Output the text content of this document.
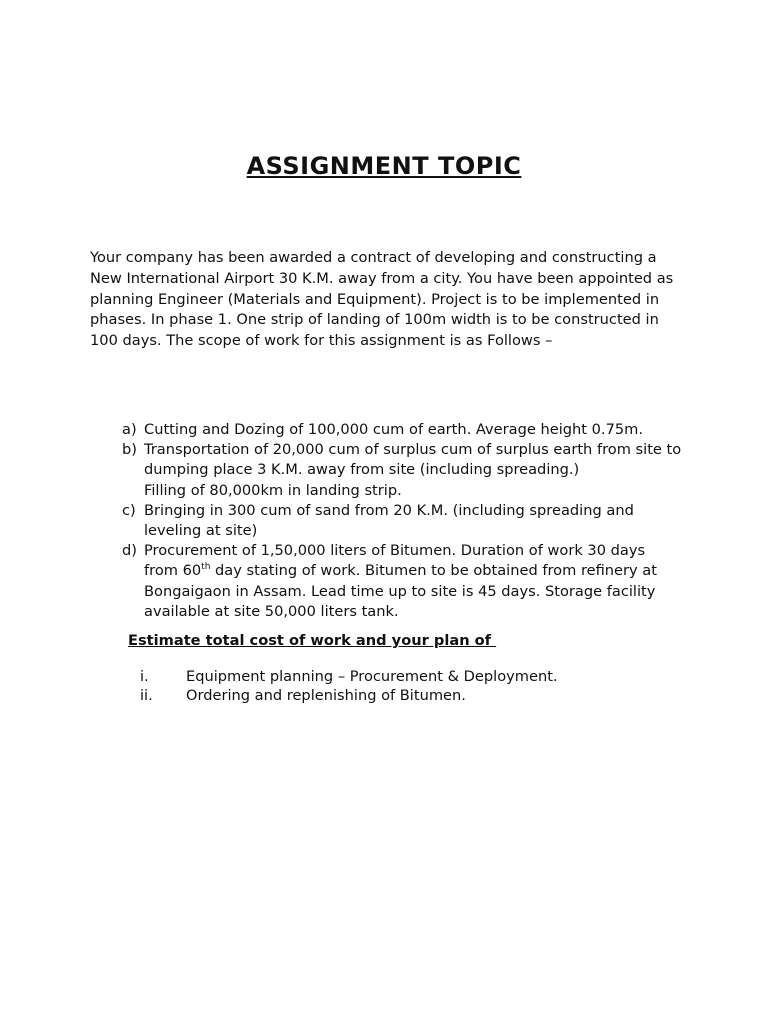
ASSIGNMENT TOPIC
Your company has been awarded a contract of developing and constructing a New International Airport 30 K.M. away from a city. You have been appointed as planning Engineer (Materials and Equipment). Project is to be implemented in phases. In phase 1. One strip of landing of 100m width is to be constructed in 100 days. The scope of work for this assignment is as Follows –
a) Cutting and Dozing of 100,000 cum of earth. Average height 0.75m.
b) Transportation of 20,000 cum of surplus cum of surplus earth from site to dumping place 3 K.M. away from site (including spreading.)
Filling of 80,000km in landing strip.
c) Bringing in 300 cum of sand from 20 K.M. (including spreading and leveling at site)
d) Procurement of 1,50,000 liters of Bitumen. Duration of work 30 days from 60th day stating of work. Bitumen to be obtained from refinery at Bongaigaon in Assam. Lead time up to site is 45 days. Storage facility available at site 50,000 liters tank.
Estimate total cost of work and your plan of
i.	Equipment planning – Procurement & Deployment.
ii. Ordering and replenishing of Bitumen.
